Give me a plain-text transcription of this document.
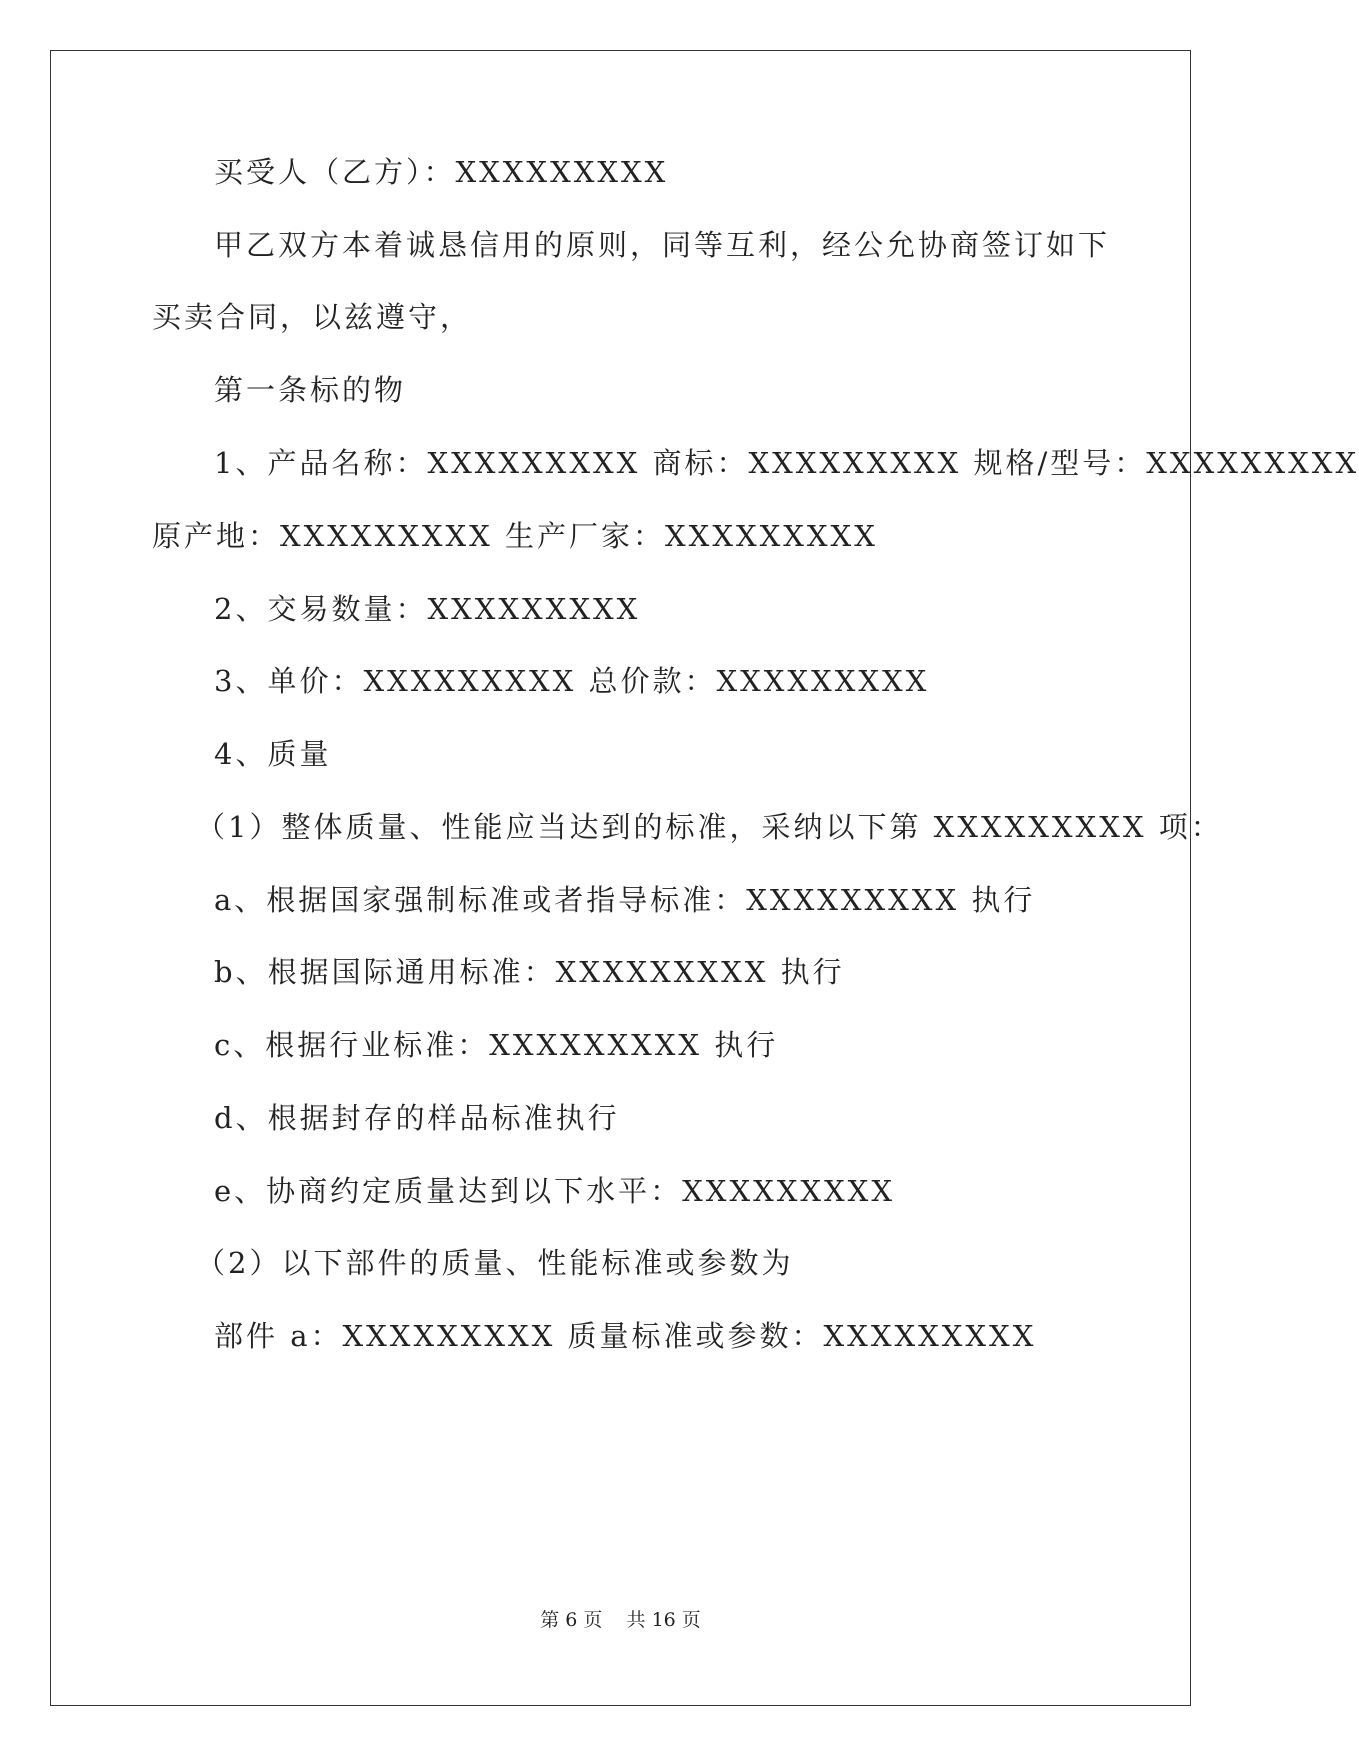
买受人（乙方）：XXXXXXXXX
甲乙双方本着诚恳信用的原则，同等互利，经公允协商签订如下
买卖合同，以兹遵守，
第一条标的物
1、产品名称：XXXXXXXXX 商标：XXXXXXXXX 规格/型号：XXXXXXXXX
原产地：XXXXXXXXX 生产厂家：XXXXXXXXX
2、交易数量：XXXXXXXXX
3、单价：XXXXXXXXX 总价款：XXXXXXXXX
4、质量
（1）整体质量、性能应当达到的标准，采纳以下第 XXXXXXXXX 项：
a、根据国家强制标准或者指导标准：XXXXXXXXX 执行
b、根据国际通用标准：XXXXXXXXX 执行
c、根据行业标准：XXXXXXXXX 执行
d、根据封存的样品标准执行
e、协商约定质量达到以下水平：XXXXXXXXX
（2）以下部件的质量、性能标准或参数为
部件 a：XXXXXXXXX 质量标准或参数：XXXXXXXXX
第 6 页 共 16 页
